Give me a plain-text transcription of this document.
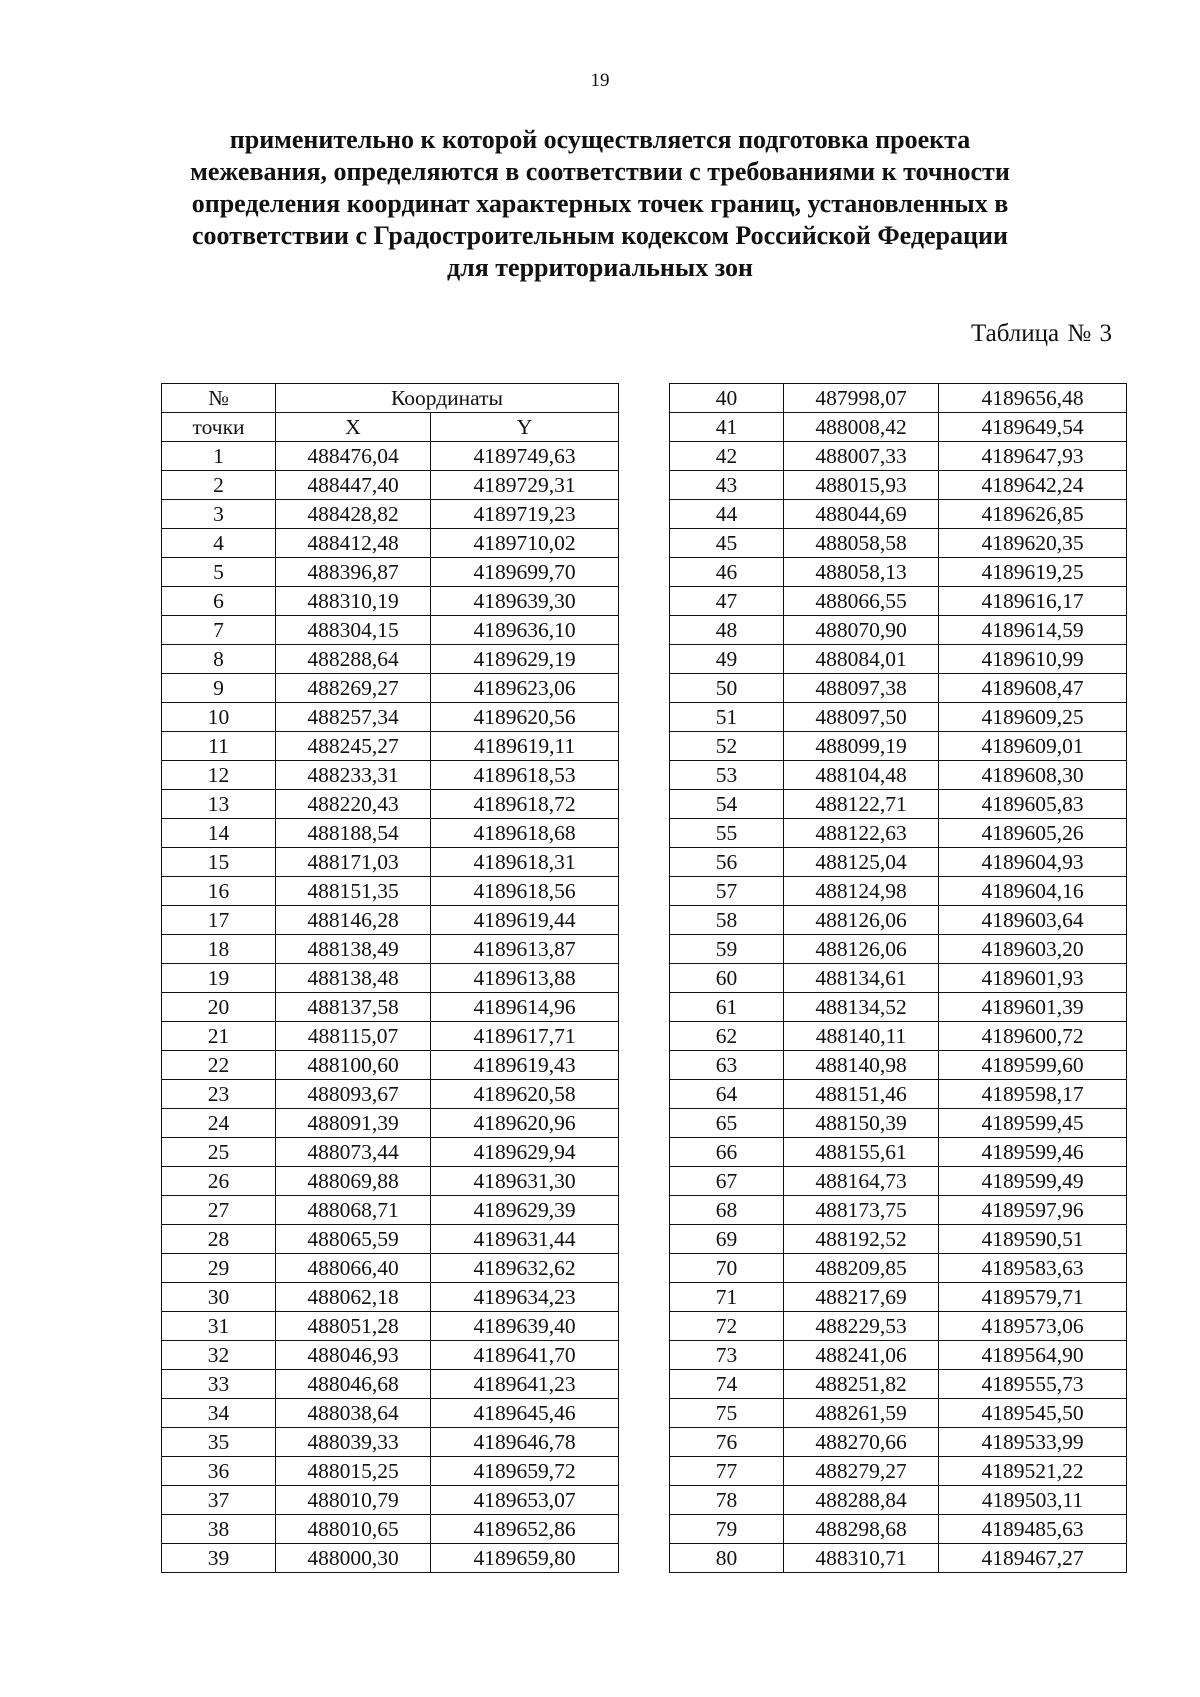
19
применительно к которой осуществляется подготовка проекта
межевания, определяются в соответствии с требованиями к точности
определения координат характерных точек границ, установленных в
соответствии с Градостроительным кодексом Российской Федерации
для территориальных зон
Таблица № 3
№	Координаты	
точки	X	Y
1	488476,04	4189749,63
2	488447,40	4189729,31
3	488428,82	4189719,23
4	488412,48	4189710,02
5	488396,87	4189699,70
6	488310,19	4189639,30
7	488304,15	4189636,10
8	488288,64	4189629,19
9	488269,27	4189623,06
10	488257,34	4189620,56
11	488245,27	4189619,11
12	488233,31	4189618,53
13	488220,43	4189618,72
14	488188,54	4189618,68
15	488171,03	4189618,31
16	488151,35	4189618,56
17	488146,28	4189619,44
18	488138,49	4189613,87
19	488138,48	4189613,88
20	488137,58	4189614,96
21	488115,07	4189617,71
22	488100,60	4189619,43
23	488093,67	4189620,58
24	488091,39	4189620,96
25	488073,44	4189629,94
26	488069,88	4189631,30
27	488068,71	4189629,39
28	488065,59	4189631,44
29	488066,40	4189632,62
30	488062,18	4189634,23
31	488051,28	4189639,40
32	488046,93	4189641,70
33	488046,68	4189641,23
34	488038,64	4189645,46
35	488039,33	4189646,78
36	488015,25	4189659,72
37	488010,79	4189653,07
38	488010,65	4189652,86
39	488000,30	4189659,80
40	487998,07	4189656,48
41	488008,42	4189649,54
42	488007,33	4189647,93
43	488015,93	4189642,24
44	488044,69	4189626,85
45	488058,58	4189620,35
46	488058,13	4189619,25
47	488066,55	4189616,17
48	488070,90	4189614,59
49	488084,01	4189610,99
50	488097,38	4189608,47
51	488097,50	4189609,25
52	488099,19	4189609,01
53	488104,48	4189608,30
54	488122,71	4189605,83
55	488122,63	4189605,26
56	488125,04	4189604,93
57	488124,98	4189604,16
58	488126,06	4189603,64
59	488126,06	4189603,20
60	488134,61	4189601,93
61	488134,52	4189601,39
62	488140,11	4189600,72
63	488140,98	4189599,60
64	488151,46	4189598,17
65	488150,39	4189599,45
66	488155,61	4189599,46
67	488164,73	4189599,49
68	488173,75	4189597,96
69	488192,52	4189590,51
70	488209,85	4189583,63
71	488217,69	4189579,71
72	488229,53	4189573,06
73	488241,06	4189564,90
74	488251,82	4189555,73
75	488261,59	4189545,50
76	488270,66	4189533,99
77	488279,27	4189521,22
78	488288,84	4189503,11
79	488298,68	4189485,63
80	488310,71	4189467,27
